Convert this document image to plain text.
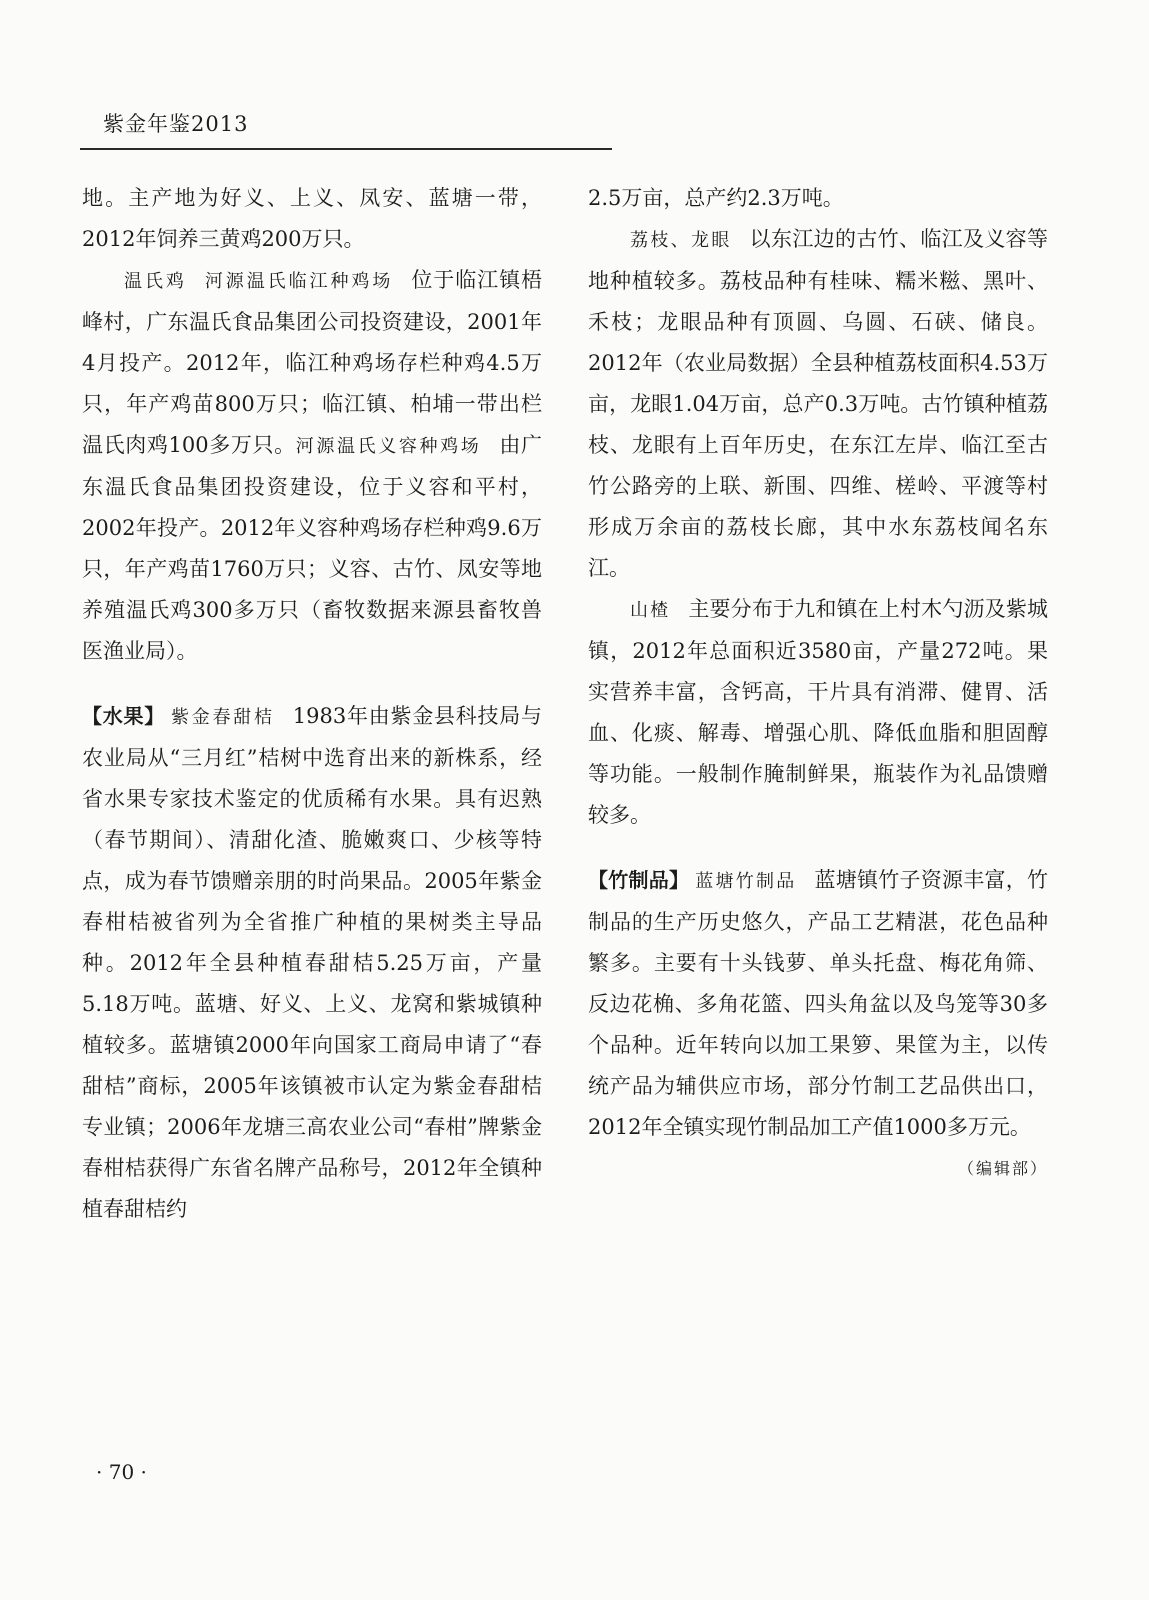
紫金年鉴2013

地。主产地为好义、上义、凤安、蓝塘一带，2012年饲养三黄鸡200万只。

温氏鸡 河源温氏临江种鸡场 位于临江镇梧峰村，广东温氏食品集团公司投资建设，2001年4月投产。2012年，临江种鸡场存栏种鸡4.5万只，年产鸡苗800万只；临江镇、柏埔一带出栏温氏肉鸡100多万只。河源温氏义容种鸡场 由广东温氏食品集团投资建设，位于义容和平村，2002年投产。2012年义容种鸡场存栏种鸡9.6万只，年产鸡苗1760万只；义容、古竹、凤安等地养殖温氏鸡300多万只（畜牧数据来源县畜牧兽医渔业局）。

【水果】 紫金春甜桔 1983年由紫金县科技局与农业局从“三月红”桔树中选育出来的新株系，经省水果专家技术鉴定的优质稀有水果。具有迟熟（春节期间）、清甜化渣、脆嫩爽口、少核等特点，成为春节馈赠亲朋的时尚果品。2005年紫金春柑桔被省列为全省推广种植的果树类主导品种。2012年全县种植春甜桔5.25万亩，产量5.18万吨。蓝塘、好义、上义、龙窝和紫城镇种植较多。蓝塘镇2000年向国家工商局申请了“春甜桔”商标，2005年该镇被市认定为紫金春甜桔专业镇；2006年龙塘三高农业公司“春柑”牌紫金春柑桔获得广东省名牌产品称号，2012年全镇种植春甜桔约

2.5万亩，总产约2.3万吨。

荔枝、龙眼 以东江边的古竹、临江及义容等地种植较多。荔枝品种有桂味、糯米糍、黑叶、禾枝；龙眼品种有顶圆、乌圆、石硖、储良。2012年（农业局数据）全县种植荔枝面积4.53万亩，龙眼1.04万亩，总产0.3万吨。古竹镇种植荔枝、龙眼有上百年历史，在东江左岸、临江至古竹公路旁的上联、新围、四维、槎岭、平渡等村形成万余亩的荔枝长廊，其中水东荔枝闻名东江。

山楂 主要分布于九和镇在上村木勺沥及紫城镇，2012年总面积近3580亩，产量272吨。果实营养丰富，含钙高，干片具有消滞、健胃、活血、化痰、解毒、增强心肌、降低血脂和胆固醇等功能。一般制作腌制鲜果，瓶装作为礼品馈赠较多。

【竹制品】 蓝塘竹制品 蓝塘镇竹子资源丰富，竹制品的生产历史悠久，产品工艺精湛，花色品种繁多。主要有十头钱萝、单头托盘、梅花角筛、反边花桷、多角花篮、四头角盆以及鸟笼等30多个品种。近年转向以加工果箩、果筐为主，以传统产品为辅供应市场，部分竹制工艺品供出口，2012年全镇实现竹制品加工产值1000多万元。

（编辑部）
· 70 ·
